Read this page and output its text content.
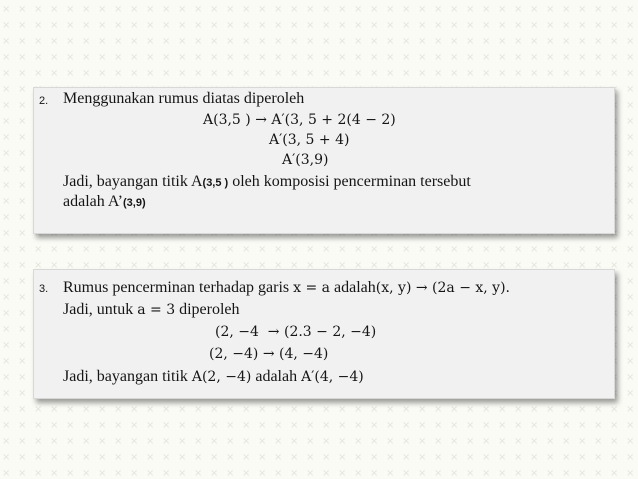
2. Menggunakan rumus diatas diperoleh
A(3,5 ) → A′(3, 5 + 2(4 − 2)
A′(3, 5 + 4)
A′(3,9)
Jadi, bayangan titik A(3,5 ) oleh komposisi pencerminan tersebut
adalah A’(3,9)
3. Rumus pencerminan terhadap garis x = a adalah(x, y) → (2a − x, y).
Jadi, untuk a = 3 diperoleh
(2, −4  → (2.3 − 2, −4)
(2, −4) → (4, −4)
Jadi, bayangan titik A(2, −4) adalah A′(4, −4)
